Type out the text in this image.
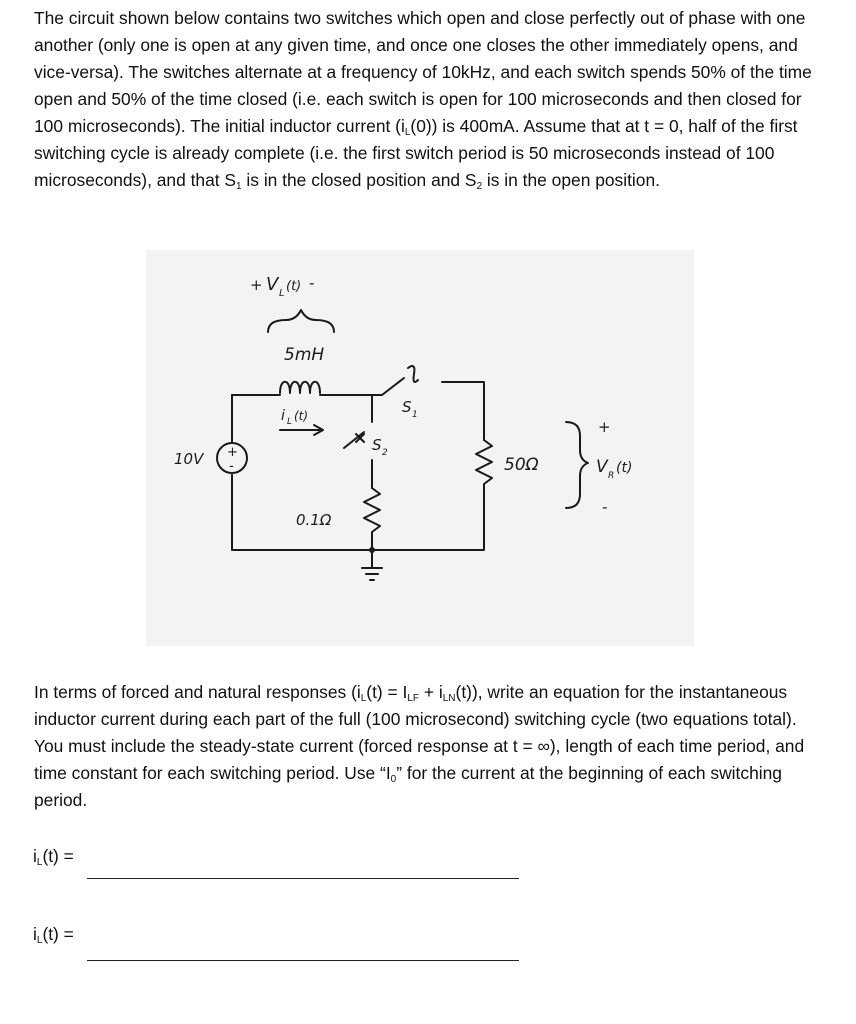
The circuit shown below contains two switches which open and close perfectly out of phase with one another (only one is open at any given time, and once one closes the other immediately opens, and vice-versa). The switches alternate at a frequency of 10kHz, and each switch spends 50% of the time open and 50% of the time closed (i.e. each switch is open for 100 microseconds and then closed for 100 microseconds). The initial inductor current $(i_L(0))$ is 400mA. Assume that at t = 0, half of the first switching cycle is already complete (i.e. the first switch period is 50 microseconds instead of 100 microseconds), and that $S_1$ is in the closed position and $S_2$ is in the open position.

+ V L (t) -
5mH
i L (t)
+
-
10V
S 2
0.1Ω
S 1
50Ω
+
V R (t)
-

In terms of forced and natural responses $(i_L(t) = I_{LF} + i_{LN}(t))$, write an equation for the instantaneous inductor current during each part of the full (100 microsecond) switching cycle (two equations total). You must include the steady-state current (forced response at t = ∞), length of each time period, and time constant for each switching period. Use “$I_0$” for the current at the beginning of each switching period.

$i_L(t)$ =
$i_L(t)$ =
